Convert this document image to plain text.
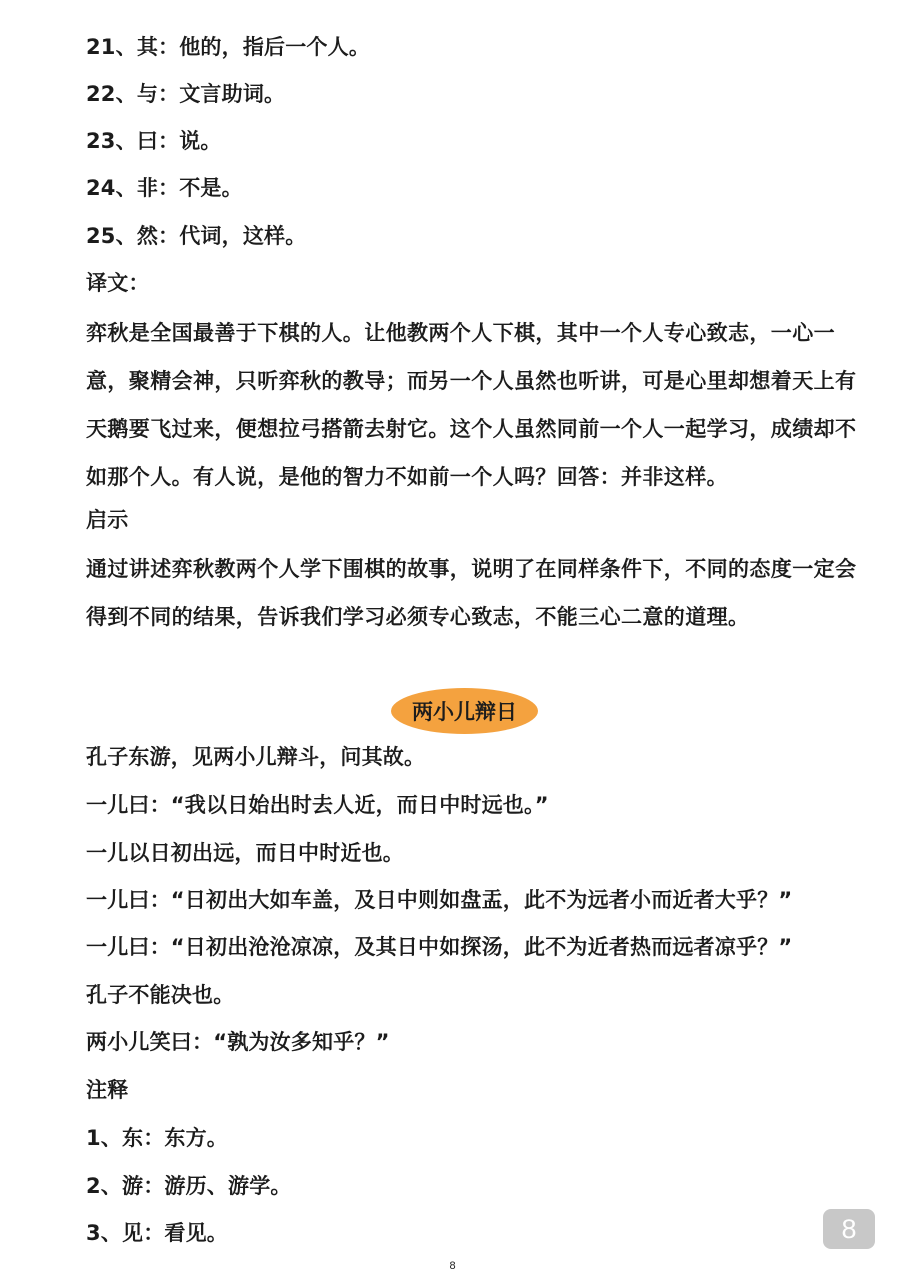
21、其：他的，指后一个人。
22、与：文言助词。
23、曰：说。
24、非：不是。
25、然：代词，这样。
译文：
弈秋是全国最善于下棋的人。让他教两个人下棋，其中一个人专心致志，一心一意，聚精会神，只听弈秋的教导；而另一个人虽然也听讲，可是心里却想着天上有天鹅要飞过来，便想拉弓搭箭去射它。这个人虽然同前一个人一起学习，成绩却不如那个人。有人说，是他的智力不如前一个人吗？回答：并非这样。
启示
通过讲述弈秋教两个人学下围棋的故事，说明了在同样条件下，不同的态度一定会得到不同的结果，告诉我们学习必须专心致志，不能三心二意的道理。
两小儿辩日
孔子东游，见两小儿辩斗，问其故。
一儿曰：“我以日始出时去人近，而日中时远也。”
一儿以日初出远，而日中时近也。
一儿曰：“日初出大如车盖，及日中则如盘盂，此不为远者小而近者大乎？”
一儿曰：“日初出沧沧凉凉，及其日中如探汤，此不为近者热而远者凉乎？”
孔子不能决也。
两小儿笑曰：“孰为汝多知乎？”
注释
1、东：东方。
2、游：游历、游学。
3、见：看见。	8
8
